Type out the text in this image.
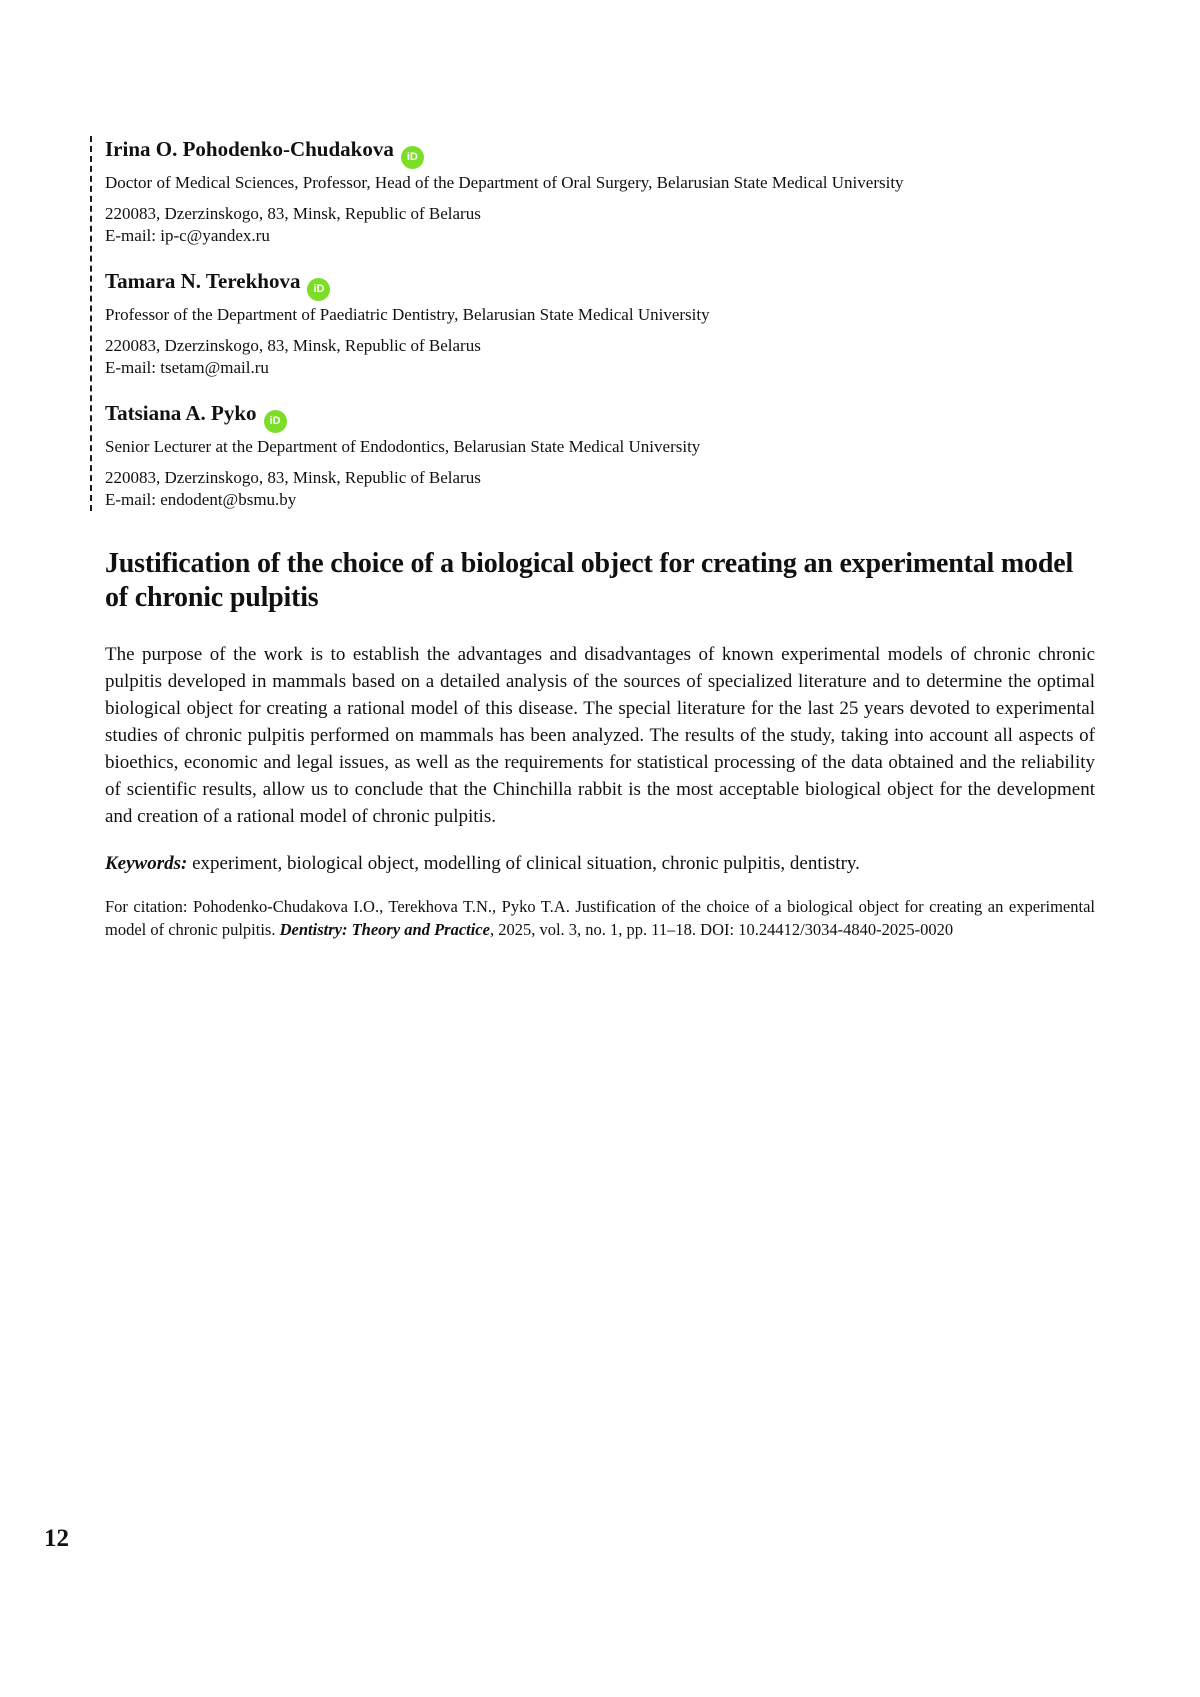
Irina O. Pohodenko-Chudakova iD
Doctor of Medical Sciences, Professor, Head of the Department of Oral Surgery, Belarusian State Medical University
220083, Dzerzinskogo, 83, Minsk, Republic of Belarus
E-mail: ip-c@yandex.ru
Tamara N. Terekhova iD
Professor of the Department of Paediatric Dentistry, Belarusian State Medical University
220083, Dzerzinskogo, 83, Minsk, Republic of Belarus
E-mail: tsetam@mail.ru
Tatsiana A. Pyko iD
Senior Lecturer at the Department of Endodontics, Belarusian State Medical University
220083, Dzerzinskogo, 83, Minsk, Republic of Belarus
E-mail: endodent@bsmu.by
Justification of the choice of a biological object for creating an experimental model of chronic pulpitis

The purpose of the work is to establish the advantages and disadvantages of known experimental models of chronic chronic pulpitis developed in mammals based on a detailed analysis of the sources of specialized literature and to determine the optimal biological object for creating a rational model of this disease. The special literature for the last 25 years devoted to experimental studies of chronic pulpitis performed on mammals has been analyzed. The results of the study, taking into account all aspects of bioethics, economic and legal issues, as well as the requirements for statistical processing of the data obtained and the reliability of scientific results, allow us to conclude that the Chinchilla rabbit is the most acceptable biological object for the development and creation of a rational model of chronic pulpitis.

Keywords: experiment, biological object, modelling of clinical situation, chronic pulpitis, dentistry.

For citation: Pohodenko-Chudakova I.O., Terekhova T.N., Pyko T.A. Justification of the choice of a biological object for creating an experimental model of chronic pulpitis. Dentistry: Theory and Practice, 2025, vol. 3, no. 1, pp. 11–18. DOI: 10.24412/3034-4840-2025-0020

12
